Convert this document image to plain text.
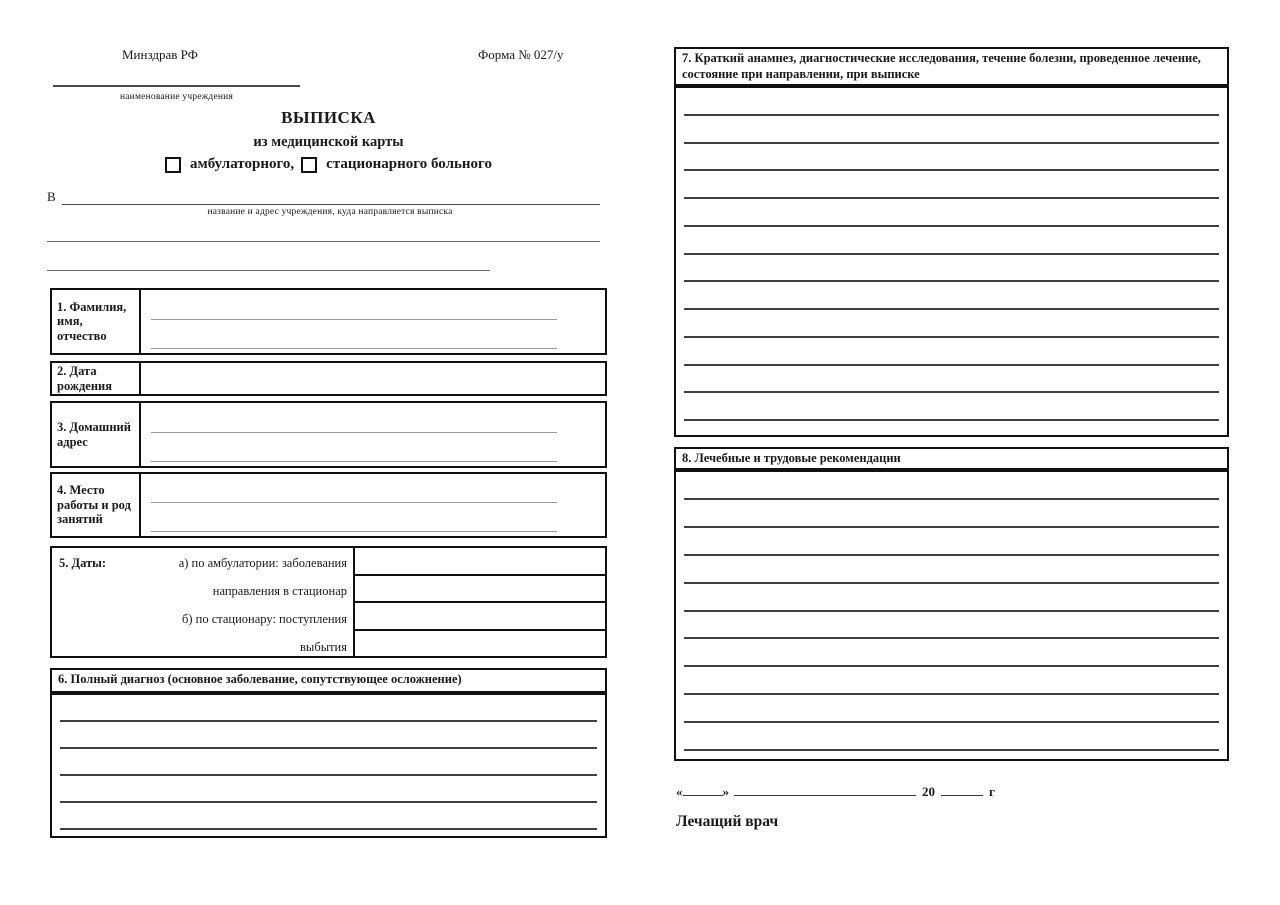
Минздрав РФ	Форма № 027/у
наименование учреждения
ВЫПИСКА
из медицинской карты
амбулаторного, стационарного больного
В
название и адрес учреждения, куда направляется выписка
1. Фамилия, имя, отчество
2. Дата рождения
3. Домашний адрес
4. Место работы и род занятий
5. Даты:	а) по амбулатории: заболевания
направления в стационар
б) по стационару: поступления
выбытия
6. Полный диагноз (основное заболевание, сопутствующее осложнение)
7. Краткий анамнез, диагностические исследования, течение болезни, проведенное лечение, состояние при направлении, при выписке
8. Лечебные и трудовые рекомендации
«	»	20	г
Лечащий врач
